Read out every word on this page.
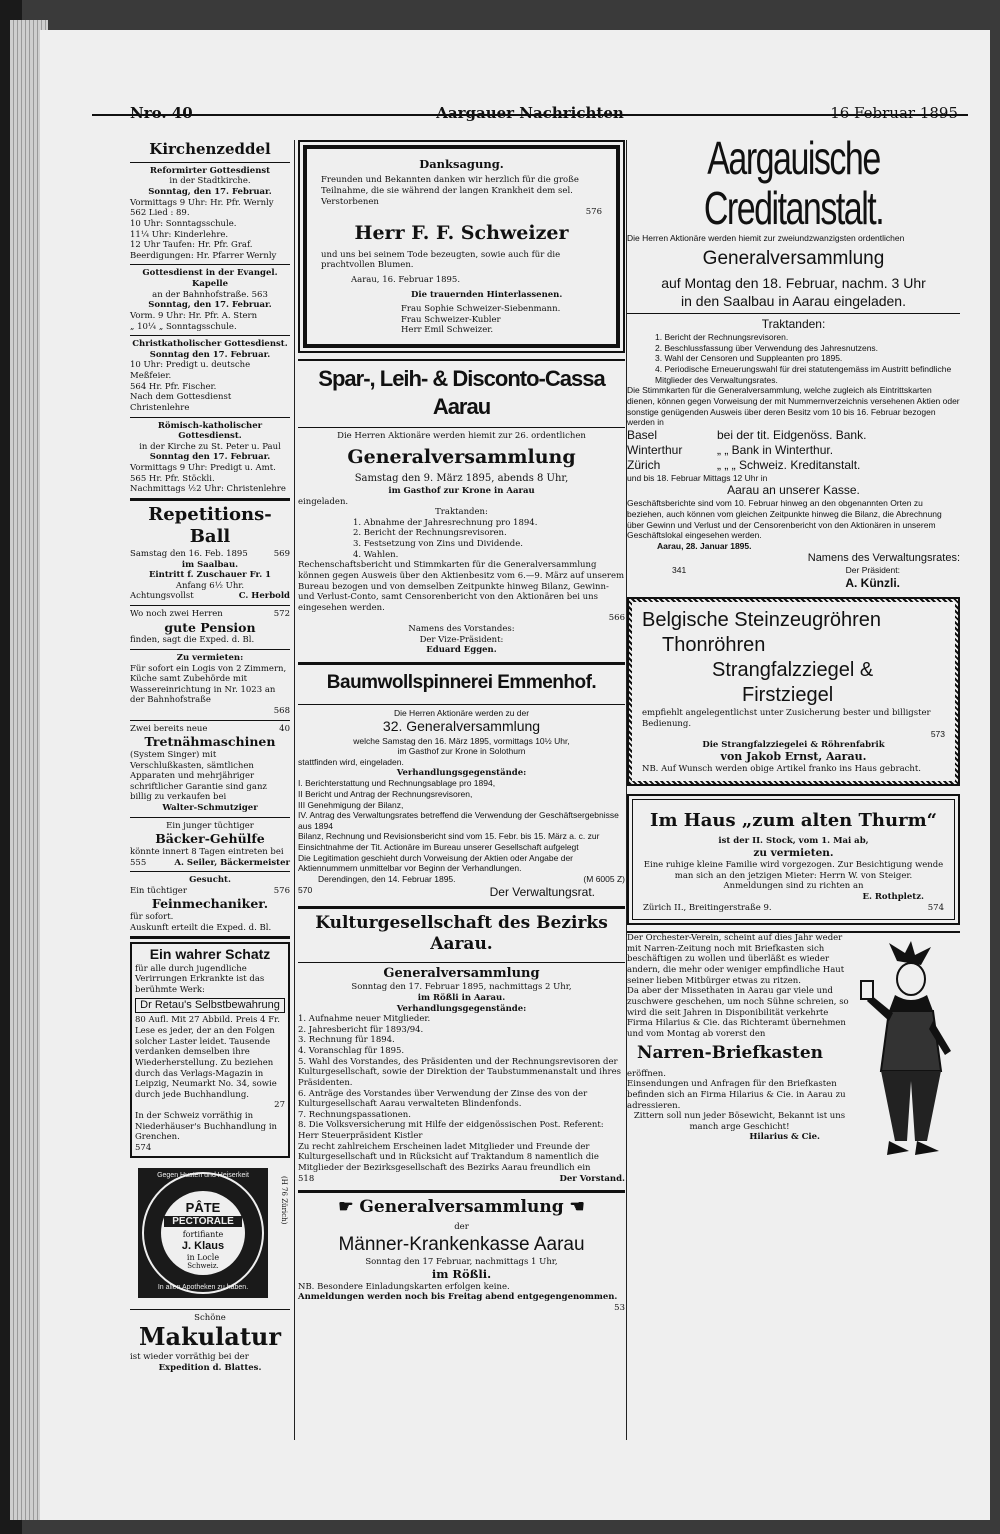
Nro. 40	Aargauer Nachrichten	16 Februar 1895
Kirchenzeddel
Reformirter Gottesdienst
in der Stadtkirche.
Sonntag, den 17. Februar.
Vormittags 9 Uhr: Hr. Pfr. Wernly
562 Lied : 89.
10 Uhr: Sonntagsschule.
11¼ Uhr: Kinderlehre.
12 Uhr Taufen: Hr. Pfr. Graf.
Beerdigungen: Hr. Pfarrer Wernly
Gottesdienst in der Evangel. Kapelle
an der Bahnhofstraße. 563
Sonntag, den 17. Februar.
Vorm. 9 Uhr: Hr. Pfr. A. Stern
„ 10¼ „ Sonntagsschule.
Christkatholischer Gottesdienst.
Sonntag den 17. Februar.
10 Uhr: Predigt u. deutsche Meßfeier.
564 Hr. Pfr. Fischer.
Nach dem Gottesdienst Christenlehre
Römisch-katholischer Gottesdienst.
in der Kirche zu St. Peter u. Paul
Sonntag den 17. Februar.
Vormittags 9 Uhr: Predigt u. Amt.
565 Hr. Pfr. Stöckli.
Nachmittags ½2 Uhr: Christenlehre
Repetitions-Ball
Samstag den 16. Feb. 1895	569
im Saalbau.
Eintritt f. Zuschauer Fr. 1
Anfang 6½ Uhr.
Achtungsvollst	C. Herbold
Wo noch zwei Herren	572
gute Pension
finden, sagt die Exped. d. Bl.
Zu vermieten:
Für sofort ein Logis von 2 Zimmern, Küche samt Zubehörde mit Wassereinrichtung in Nr. 1023 an der Bahnhofstraße
568
Zwei bereits neue	40
Tretnähmaschinen
(System Singer) mit Verschlußkasten, sämtlichen Apparaten und mehrjähriger schriftlicher Garantie sind ganz billig zu verkaufen bei
Walter-Schmutziger
Ein junger tüchtiger
Bäcker-Gehülfe
könnte innert 8 Tagen eintreten bei
555	A. Seiler, Bäckermeister
Gesucht.
Ein tüchtiger	576
Feinmechaniker.
für sofort.
Auskunft erteilt die Exped. d. Bl.
Ein wahrer Schatz
für alle durch jugendliche Verirrungen Erkrankte ist das berühmte Werk:
Dr Retau's Selbstbewahrung
80 Aufl. Mit 27 Abbild. Preis 4 Fr. Lese es jeder, der an den Folgen solcher Laster leidet. Tausende verdanken demselben ihre Wiederherstellung. Zu beziehen durch das Verlags-Magazin in Leipzig, Neumarkt No. 34, sowie durch jede Buchhandlung.
27
In der Schweiz vorräthig in Niederhäuser's Buchhandlung in Grenchen.
574
Gegen Husten und Heiserkeit
PÂTE
PECTORALE
fortifiante
J. Klaus
in Locle
Schweiz.
In allen Apotheken zu haben.
(H 76 Zürich)
Schöne
Makulatur
ist wieder vorräthig bei der
Expedition d. Blattes.
Danksagung.
Freunden und Bekannten danken wir herzlich für die große Teilnahme, die sie während der langen Krankheit dem sel. Verstorbenen
576
Herr F. F. Schweizer
und uns bei seinem Tode bezeugten, sowie auch für die prachtvollen Blumen.
Aarau, 16. Februar 1895.
Die trauernden Hinterlassenen.
Frau Sophie Schweizer-Siebenmann.
Frau Schweizer-Kubler
Herr Emil Schweizer.
Spar-, Leih- & Disconto-Cassa Aarau
Die Herren Aktionäre werden hiemit zur 26. ordentlichen
Generalversammlung
Samstag den 9. März 1895, abends 8 Uhr,
im Gasthof zur Krone in Aarau
eingeladen.
Traktanden:
1. Abnahme der Jahresrechnung pro 1894.
2. Bericht der Rechnungsrevisoren.
3. Festsetzung von Zins und Dividende.
4. Wahlen.
Rechenschaftsbericht und Stimmkarten für die Generalversammlung können gegen Ausweis über den Aktienbesitz vom 6.—9. März auf unserem Bureau bezogen und von demselben Zeitpunkte hinweg Bilanz, Gewinn- und Verlust-Conto, samt Censorenbericht von den Aktionären bei uns eingesehen werden.
566
Namens des Vorstandes:
Der Vize-Präsident:
Eduard Eggen.
Baumwollspinnerei Emmenhof.
Die Herren Aktionäre werden zu der
32. Generalversammlung
welche Samstag den 16. März 1895, vormittags 10½ Uhr,
im Gasthof zur Krone in Solothurn
stattfinden wird, eingeladen.
Verhandlungsgegenstände:
I. Berichterstattung und Rechnungsablage pro 1894,
II Bericht und Antrag der Rechnungsrevisoren,
III Genehmigung der Bilanz,
IV. Antrag des Verwaltungsrates betreffend die Verwendung der Geschäftsergebnisse aus 1894
Bilanz, Rechnung und Revisionsbericht sind vom 15. Febr. bis 15. März a. c. zur Einsichtnahme der Tit. Actionäre im Bureau unserer Gesellschaft aufgelegt
Die Legitimation geschieht durch Vorweisung der Aktien oder Angabe der Aktiennummern unmittelbar vor Beginn der Verhandlungen.
Derendingen, den 14. Februar 1895.	(M 6005 Z)
570	Der Verwaltungsrat.
Kulturgesellschaft des Bezirks Aarau.
Generalversammlung
Sonntag den 17. Februar 1895, nachmittags 2 Uhr,
im Rößli in Aarau.
Verhandlungsgegenstände:
1. Aufnahme neuer Mitglieder.
2. Jahresbericht für 1893/94.
3. Rechnung für 1894.
4. Voranschlag für 1895.
5. Wahl des Vorstandes, des Präsidenten und der Rechnungsrevisoren der Kulturgesellschaft, sowie der Direktion der Taubstummenanstalt und ihres Präsidenten.
6. Anträge des Vorstandes über Verwendung der Zinse des von der Kulturgesellschaft Aarau verwalteten Blindenfonds.
7. Rechnungspassationen.
8. Die Volksversicherung mit Hilfe der eidgenössischen Post. Referent: Herr Steuerpräsident Kistler
Zu recht zahlreichem Erscheinen ladet Mitglieder und Freunde der Kulturgesellschaft und in Rücksicht auf Traktandum 8 namentlich die Mitglieder der Bezirksgesellschaft des Bezirks Aarau freundlich ein
518	Der Vorstand.
☛ Generalversammlung ☚
der
Männer-Krankenkasse Aarau
Sonntag den 17 Februar, nachmittags 1 Uhr,
im Rößli.
NB. Besondere Einladungskarten erfolgen keine.
Anmeldungen werden noch bis Freitag abend entgegengenommen.
53
Aargauische Creditanstalt.
Die Herren Aktionäre werden hiemit zur zweiundzwanzigsten ordentlichen
Generalversammlung
auf Montag den 18. Februar, nachm. 3 Uhr
in den Saalbau in Aarau eingeladen.
Traktanden:
1. Bericht der Rechnungsrevisoren.
2. Beschlussfassung über Verwendung des Jahresnutzens.
3. Wahl der Censoren und Suppleanten pro 1895.
4. Periodische Erneuerungswahl für drei statutengemäss im Austritt befindliche Mitglieder des Verwaltungsrates.
Die Stimmkarten für die Generalversammlung, welche zugleich als Eintrittskarten dienen, können gegen Vorweisung der mit Nummernverzeichnis versehenen Aktien oder sonstige genügenden Ausweis über deren Besitz vom 10 bis 16. Februar bezogen werden in
Basel	bei der tit. Eidgenöss. Bank.
Winterthur	„ „ Bank in Winterthur.
Zürich	„ „ „ Schweiz. Kreditanstalt.
und bis 18. Februar Mittags 12 Uhr in
Aarau an unserer Kasse.
Geschäftsberichte sind vom 10. Februar hinweg an den obgenannten Orten zu beziehen, auch können vom gleichen Zeitpunkte hinweg die Bilanz, die Abrechnung über Gewinn und Verlust und der Censorenbericht von den Aktionären in unserem Geschäftslokal eingesehen werden.
Aarau, 28. Januar 1895.
Namens des Verwaltungsrates:
341	Der Präsident:
A. Künzli.
Belgische Steinzeugröhren
Thonröhren
Strangfalzziegel &
Firstziegel
empfiehlt angelegentlichst unter Zusicherung bester und billigster Bedienung.
573
Die Strangfalzziegelei & Röhrenfabrik
von Jakob Ernst, Aarau.
NB. Auf Wunsch werden obige Artikel franko ins Haus gebracht.
Im Haus „zum alten Thurm“
ist der II. Stock, vom 1. Mai ab,
zu vermieten.
Eine ruhige kleine Familie wird vorgezogen. Zur Besichtigung wende man sich an den jetzigen Mieter: Herrn W. von Steiger.
Anmeldungen sind zu richten an
E. Rothpletz.
Zürich II., Breitingerstraße 9.	574
Der Orchester-Verein, scheint auf dies Jahr weder mit Narren-Zeitung noch mit Briefkasten sich beschäftigen zu wollen und überläßt es wieder andern, die mehr oder weniger empfindliche Haut seiner lieben Mitbürger etwas zu ritzen.
Da aber der Missethaten in Aarau gar viele und zuschwere geschehen, um noch Sühne schreien, so wird die seit Jahren in Disponibilität verkehrte Firma Hilarius & Cie. das Richteramt übernehmen und vom Montag ab vorerst den
Narren-Briefkasten
eröffnen.
Einsendungen und Anfragen für den Briefkasten befinden sich an Firma Hilarius & Cie. in Aarau zu adressieren.
Zittern soll nun jeder Bösewicht, Bekannt ist uns manch arge Geschicht!
Hilarius & Cie.
